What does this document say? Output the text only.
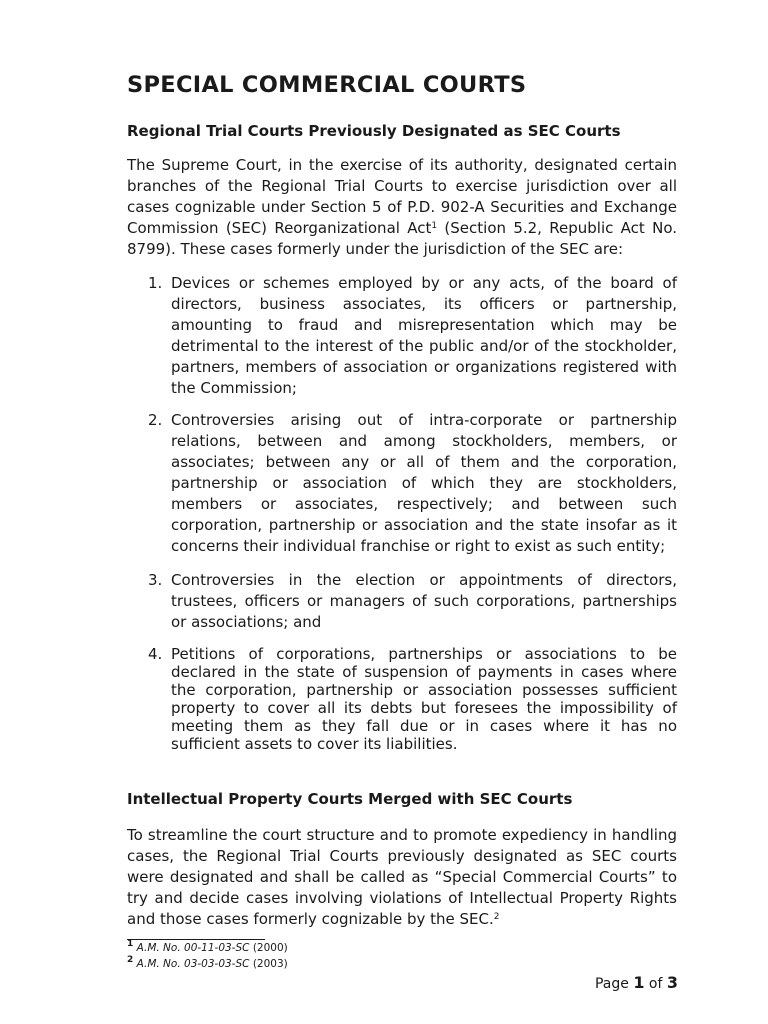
SPECIAL COMMERCIAL COURTS
Regional Trial Courts Previously Designated as SEC Courts

The Supreme Court, in the exercise of its authority, designated certain branches of the Regional Trial Courts to exercise jurisdiction over all cases cognizable under Section 5 of P.D. 902-A Securities and Exchange Commission (SEC) Reorganizational Act$^1$ (Section 5.2, Republic Act No. 8799). These cases formerly under the jurisdiction of the SEC are:

1. Devices or schemes employed by or any acts, of the board of directors, business associates, its officers or partnership, amounting to fraud and misrepresentation which may be detrimental to the interest of the public and/or of the stockholder, partners, members of association or organizations registered with the Commission;
2. Controversies arising out of intra-corporate or partnership relations, between and among stockholders, members, or associates; between any or all of them and the corporation, partnership or association of which they are stockholders, members or associates, respectively; and between such corporation, partnership or association and the state insofar as it concerns their individual franchise or right to exist as such entity;
3. Controversies in the election or appointments of directors, trustees, officers or managers of such corporations, partnerships or associations; and
4. Petitions of corporations, partnerships or associations to be declared in the state of suspension of payments in cases where the corporation, partnership or association possesses sufficient property to cover all its debts but foresees the impossibility of meeting them as they fall due or in cases where it has no sufficient assets to cover its liabilities.
Intellectual Property Courts Merged with SEC Courts

To streamline the court structure and to promote expediency in handling cases, the Regional Trial Courts previously designated as SEC courts were designated and shall be called as “Special Commercial Courts” to try and decide cases involving violations of Intellectual Property Rights and those cases formerly cognizable by the SEC.$^2$

$^1$ A.M. No. 00-11-03-SC (2000)
$^2$ A.M. No. 03-03-03-SC (2003)
Page 1 of 3
